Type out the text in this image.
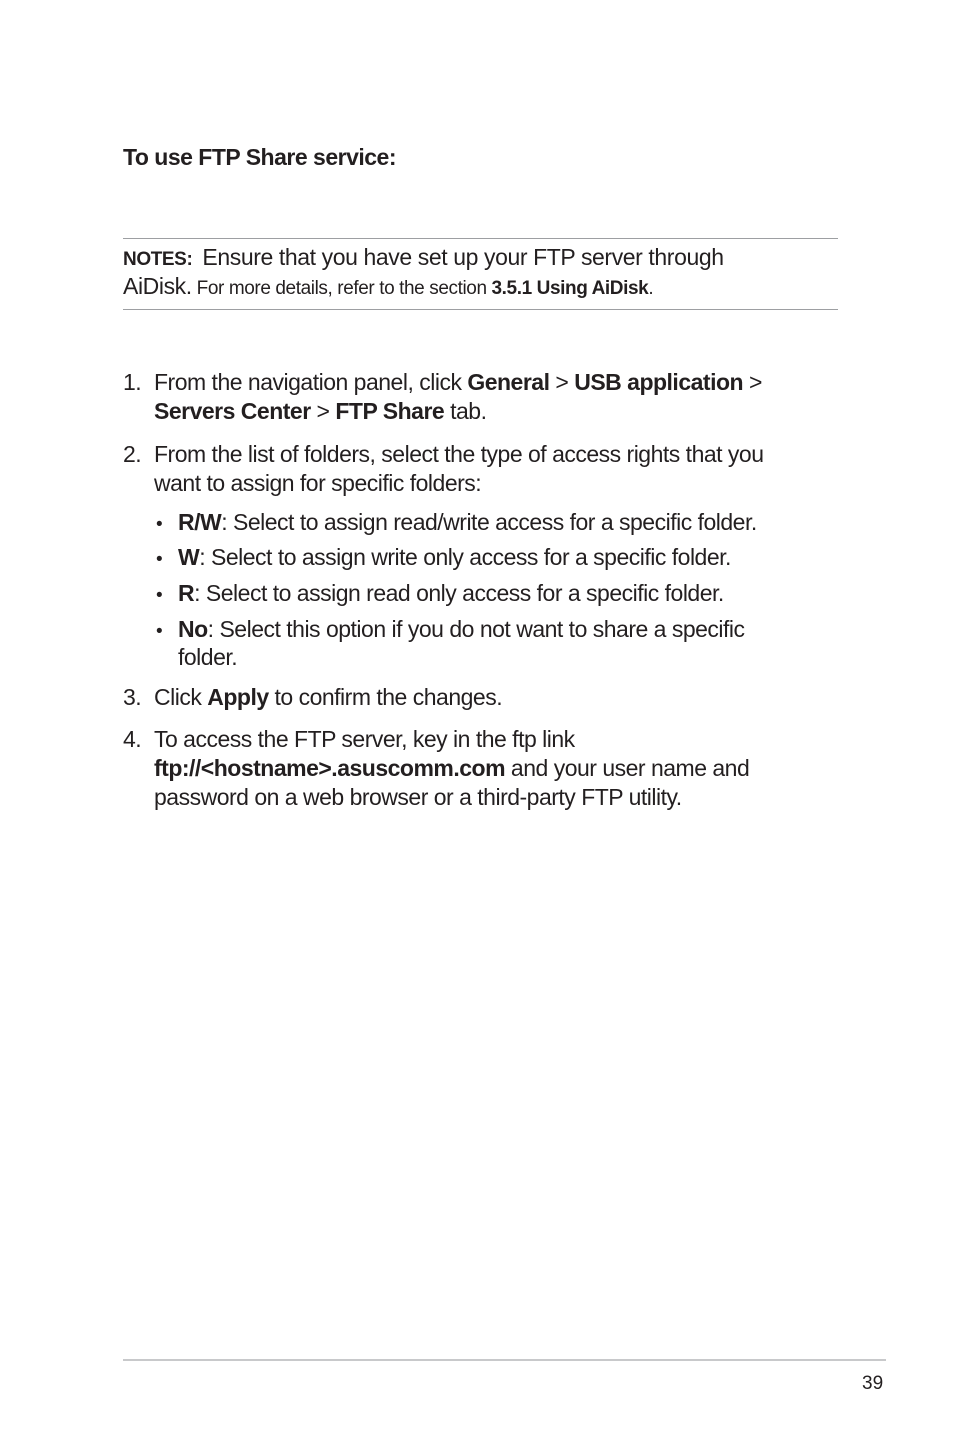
To use FTP Share service:
NOTES: Ensure that you have set up your FTP server through
AiDisk. For more details, refer to the section 3.5.1 Using AiDisk.
1. From the navigation panel, click General > USB application >
Servers Center > FTP Share tab.
2. From the list of folders, select the type of access rights that you
want to assign for specific folders:
• R/W: Select to assign read/write access for a specific folder.
• W: Select to assign write only access for a specific folder.
• R: Select to assign read only access for a specific folder.
• No: Select this option if you do not want to share a specific
folder.
3. Click Apply to confirm the changes.
4. To access the FTP server, key in the ftp link
ftp://<hostname>.asuscomm.com and your user name and
password on a web browser or a third-party FTP utility.
39
